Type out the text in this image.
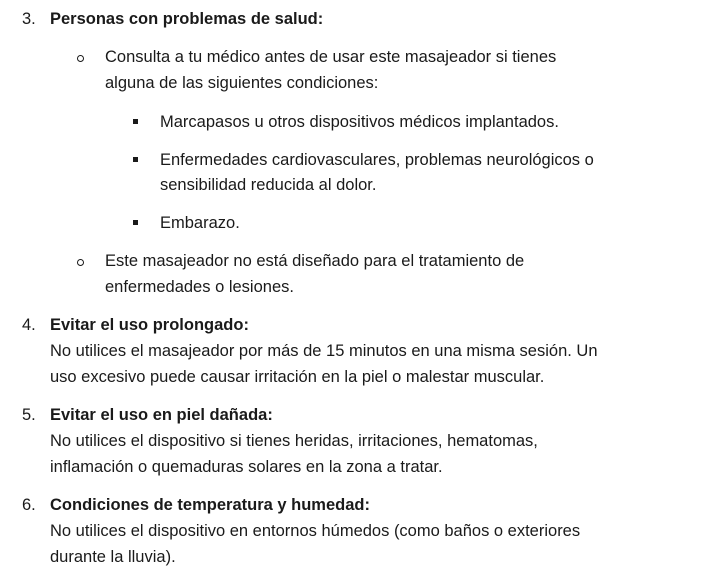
3. Personas con problemas de salud:
Consulta a tu médico antes de usar este masajeador si tienes
alguna de las siguientes condiciones:
Marcapasos u otros dispositivos médicos implantados.
Enfermedades cardiovasculares, problemas neurológicos o
sensibilidad reducida al dolor.
Embarazo.
Este masajeador no está diseñado para el tratamiento de
enfermedades o lesiones.
4. Evitar el uso prolongado:
No utilices el masajeador por más de 15 minutos en una misma sesión. Un
uso excesivo puede causar irritación en la piel o malestar muscular.
5. Evitar el uso en piel dañada:
No utilices el dispositivo si tienes heridas, irritaciones, hematomas,
inflamación o quemaduras solares en la zona a tratar.
6. Condiciones de temperatura y humedad:
No utilices el dispositivo en entornos húmedos (como baños o exteriores
durante la lluvia).
